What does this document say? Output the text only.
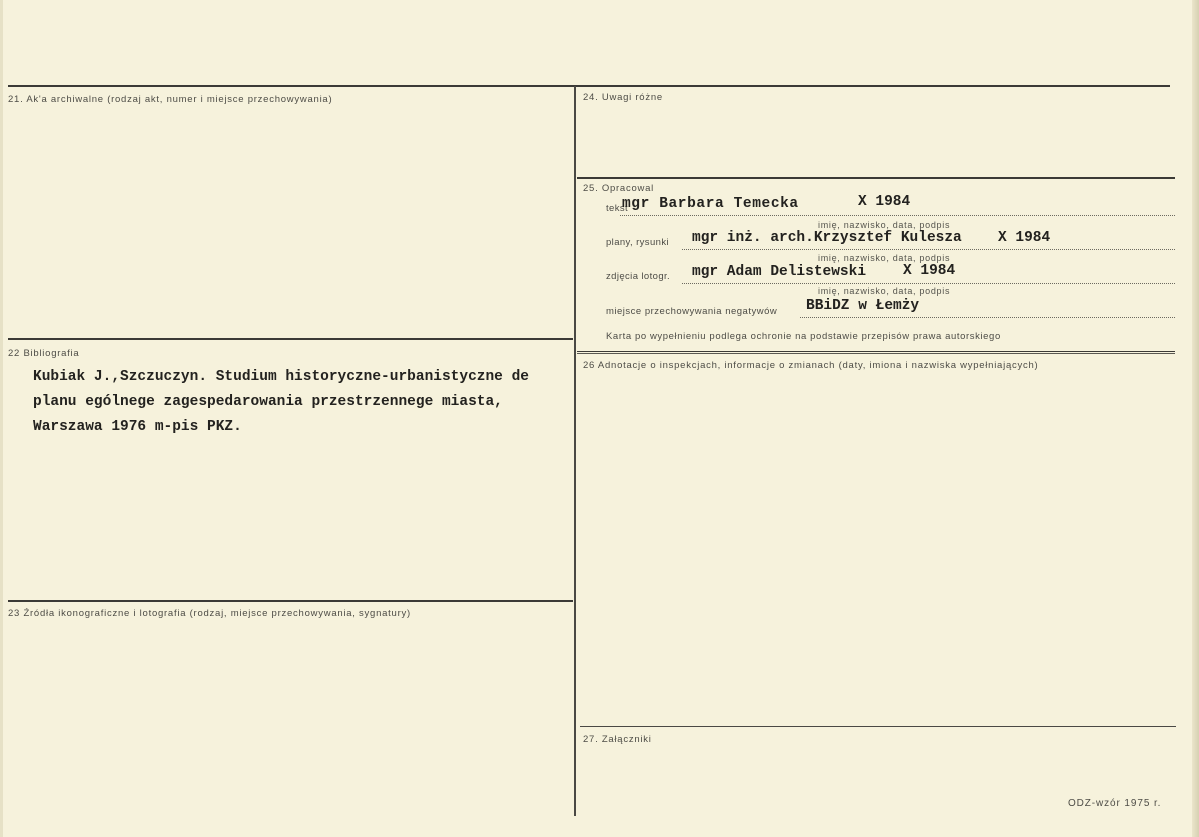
21. Ak'a archiwalne (rodzaj akt, numer i miejsce przechowywania)
22 Bibliografia
Kubiak J.,Szczuczyn. Studium historyczne-urbanistyczne de
planu ególnege zagespedarowania przestrzennege miasta,
Warszawa 1976 m-pis PKZ.
23 Źródła ikonograficzne i lotografia (rodzaj, miejsce przechowywania, sygnatury)
24. Uwagi różne
25. Opracowal
tekst
mgr Barbara Temecka	X 1984
imię, nazwisko, data, podpis
plany, rysunki mgr inż. arch.Krzysztef Kulesza	X 1984
imię, nazwisko, data, podpis
zdjęcia lotogr. mgr Adam Delistewski	X 1984
imię, nazwisko, data, podpis
miejsce przechowywania negatywów BBiDZ w Łemży
Karta po wypełnieniu podlega ochronie na podstawie przepisów prawa autorskiego
26 Adnotacje o inspekcjach, informacje o zmianach (daty, imiona i nazwiska wypełniających)
27. Załączniki
ODZ-wzór 1975 r.
